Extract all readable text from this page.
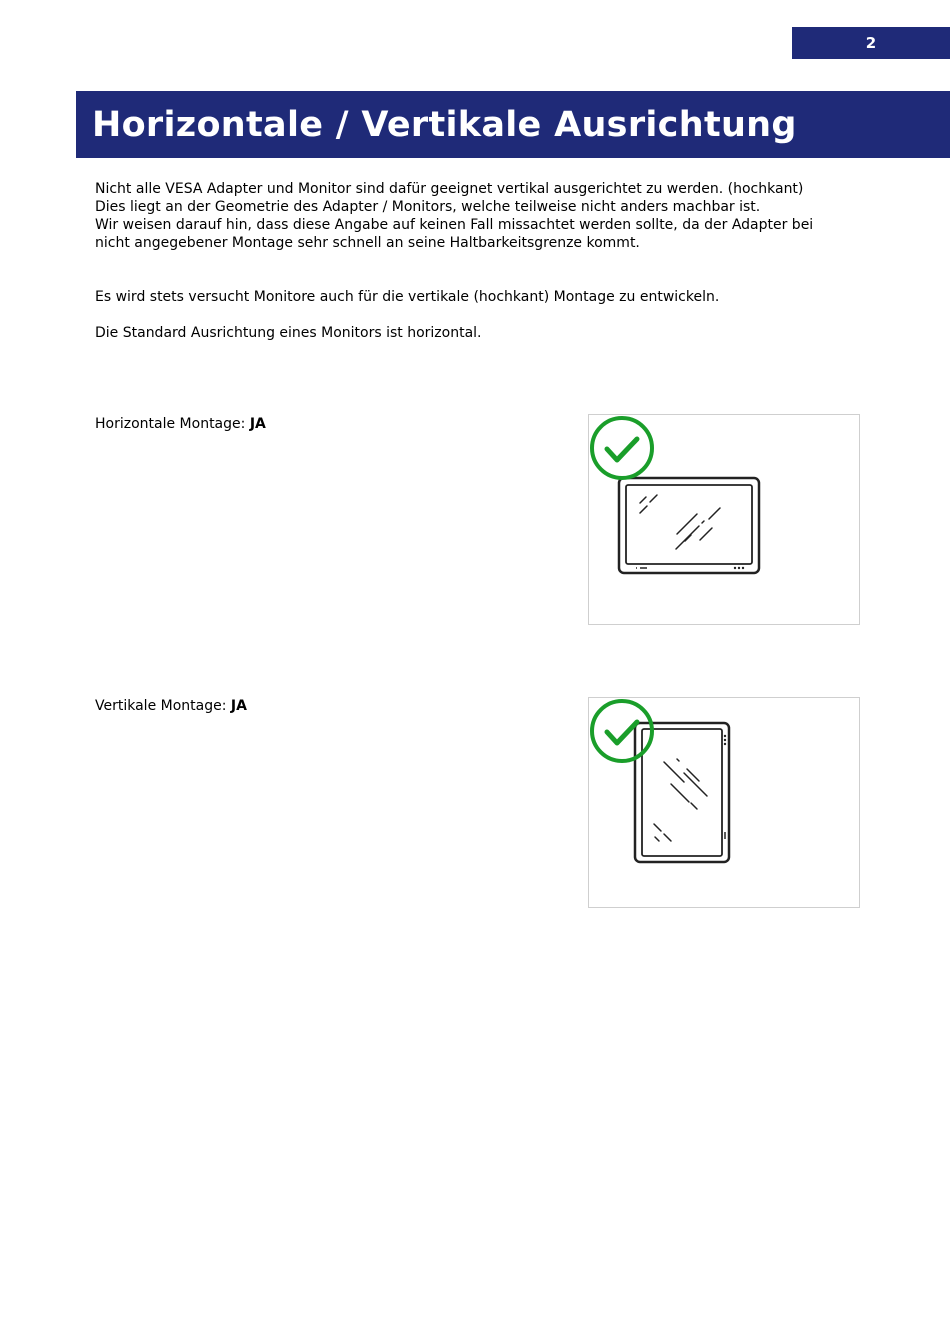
2
Horizontale / Vertikale Ausrichtung

Nicht alle VESA Adapter und Monitor sind dafür geeignet vertikal ausgerichtet zu werden. (hochkant)

Dies liegt an der Geometrie des Adapter / Monitors, welche teilweise nicht anders machbar ist.

Wir weisen darauf hin, dass diese Angabe auf keinen Fall missachtet werden sollte, da der Adapter bei

nicht angegebener Montage sehr schnell an seine Haltbarkeitsgrenze kommt.

Es wird stets versucht Monitore auch für die vertikale (hochkant) Montage zu entwickeln.

Die Standard Ausrichtung eines Monitors ist horizontal.

Horizontale Montage: JA
Vertikale Montage: JA
